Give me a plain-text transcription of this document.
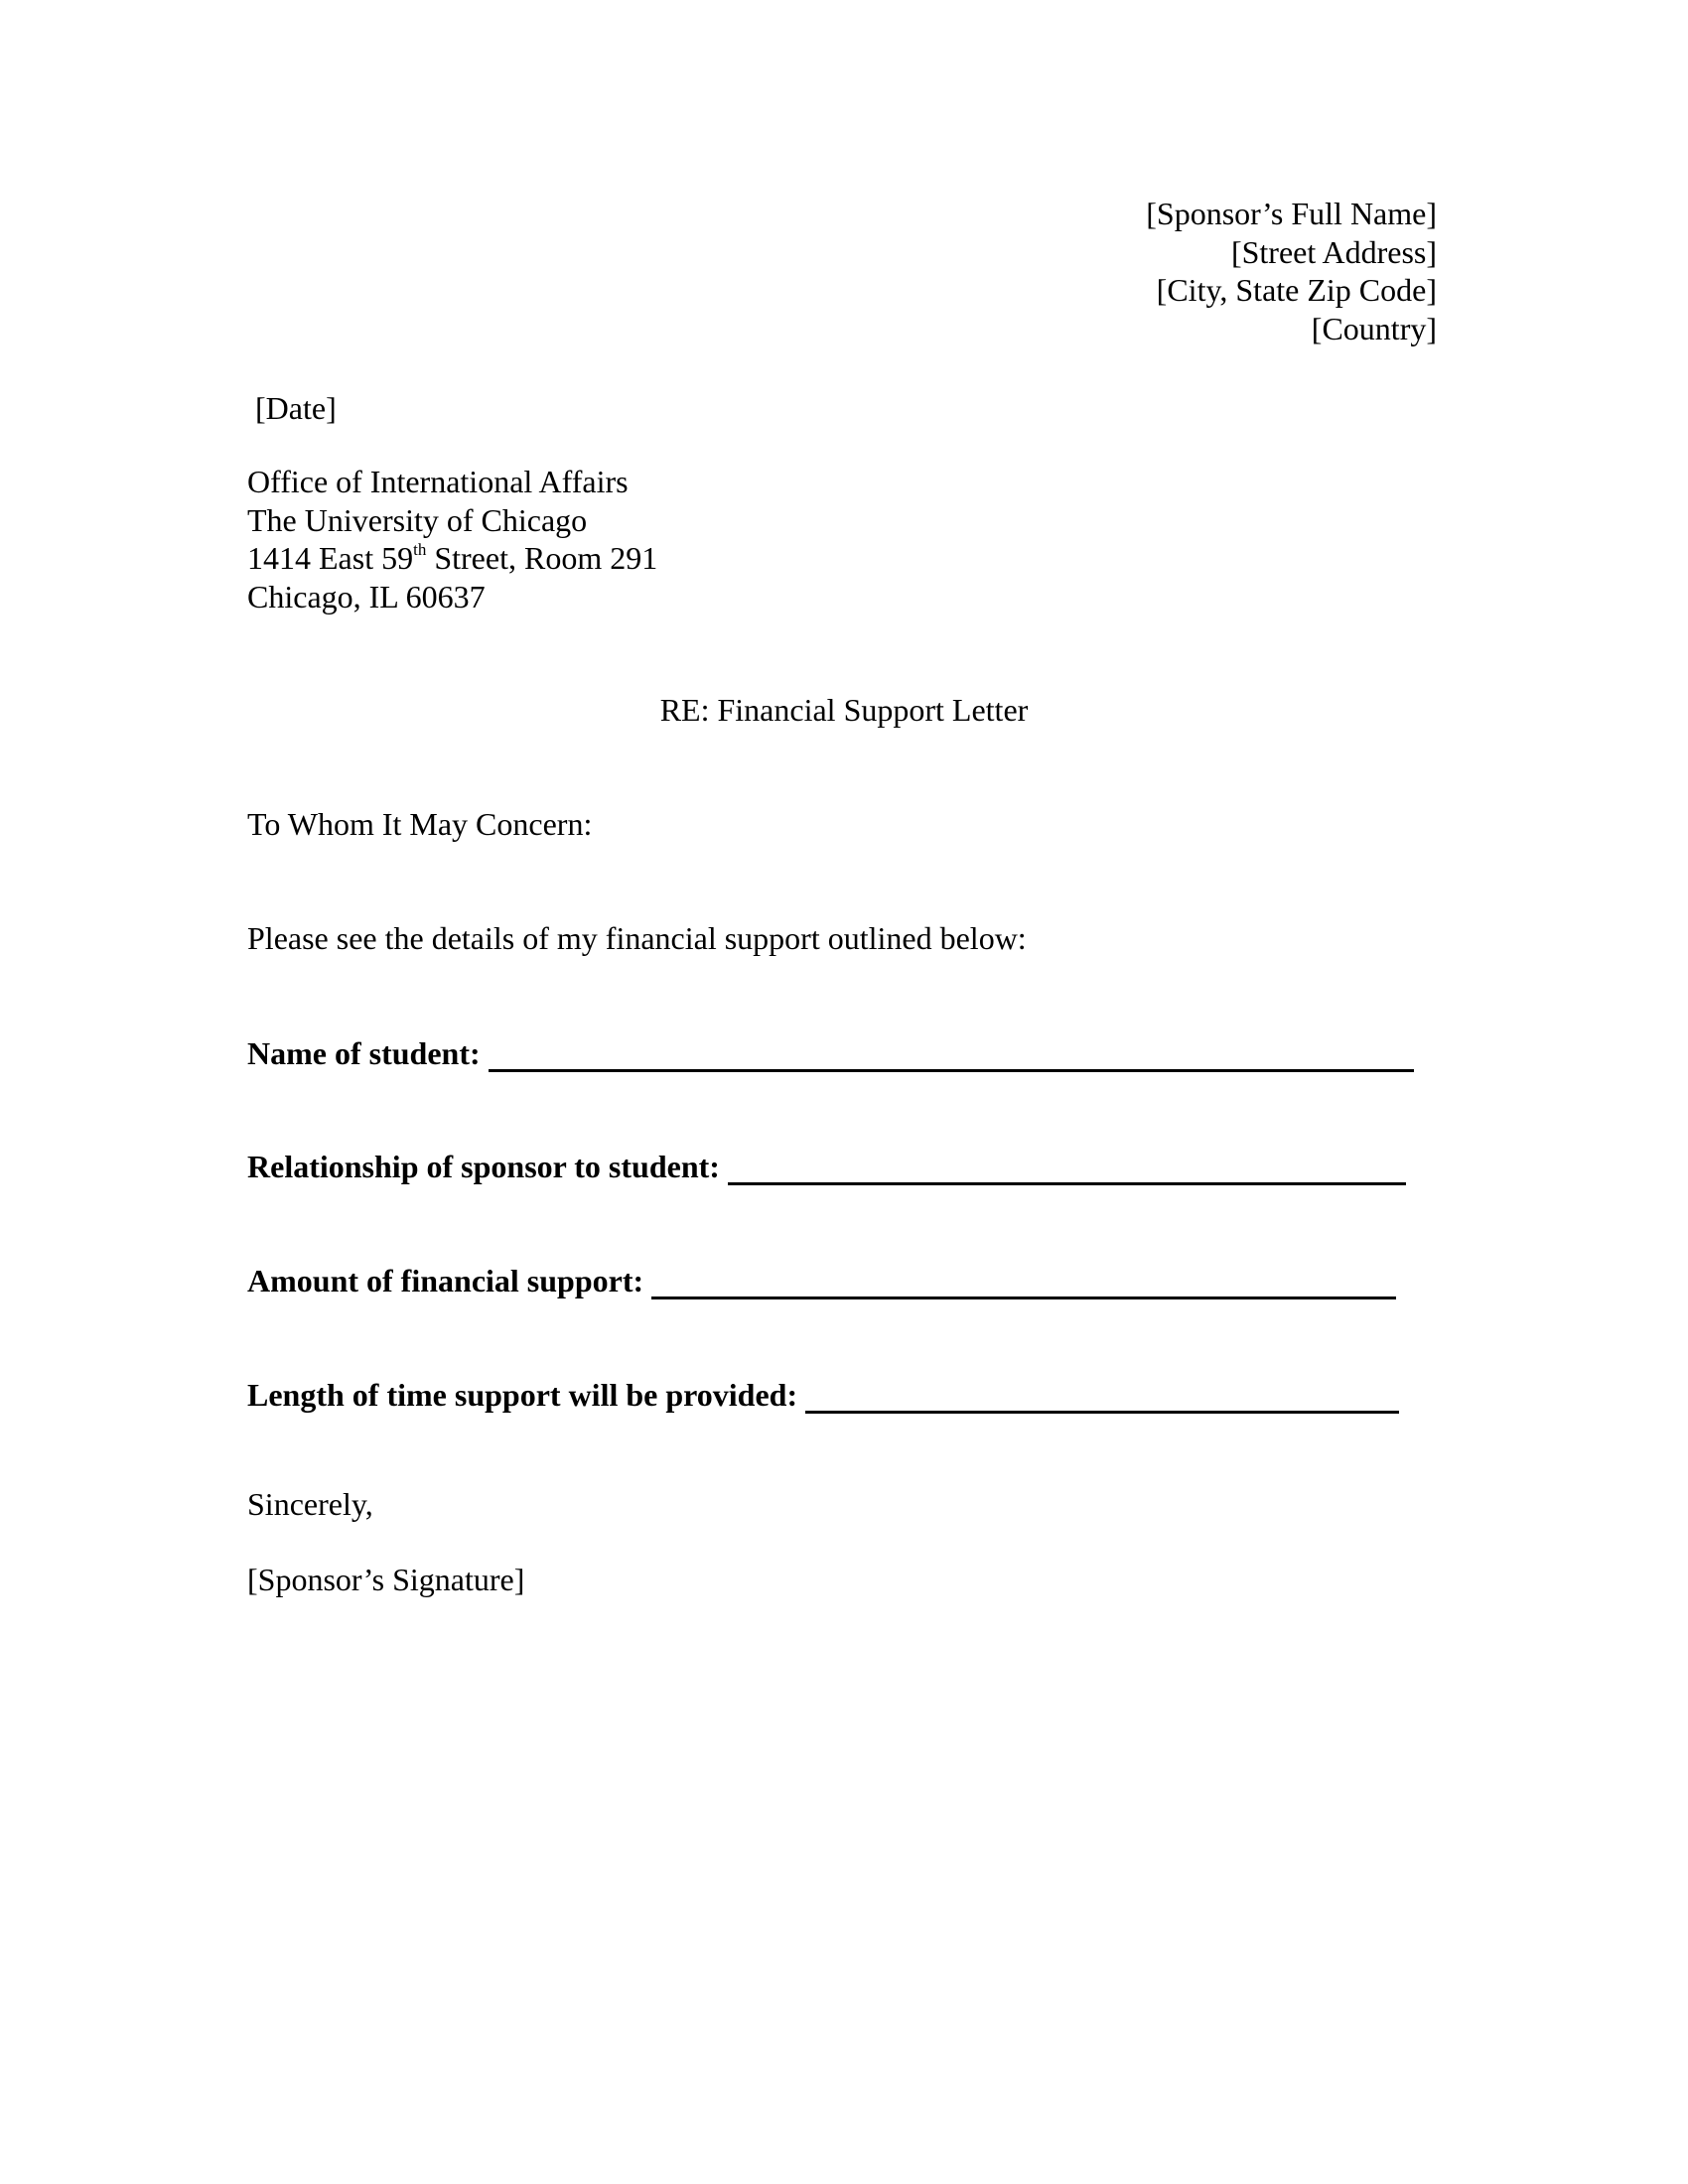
[Sponsor’s Full Name]
[Street Address]
[City, State Zip Code]
[Country]
[Date]
Office of International Affairs
The University of Chicago
1414 East 59th Street, Room 291
Chicago, IL 60637
RE: Financial Support Letter
To Whom It May Concern:
Please see the details of my financial support outlined below:
Name of student:
Relationship of sponsor to student:
Amount of financial support:
Length of time support will be provided:
Sincerely,
[Sponsor’s Signature]
